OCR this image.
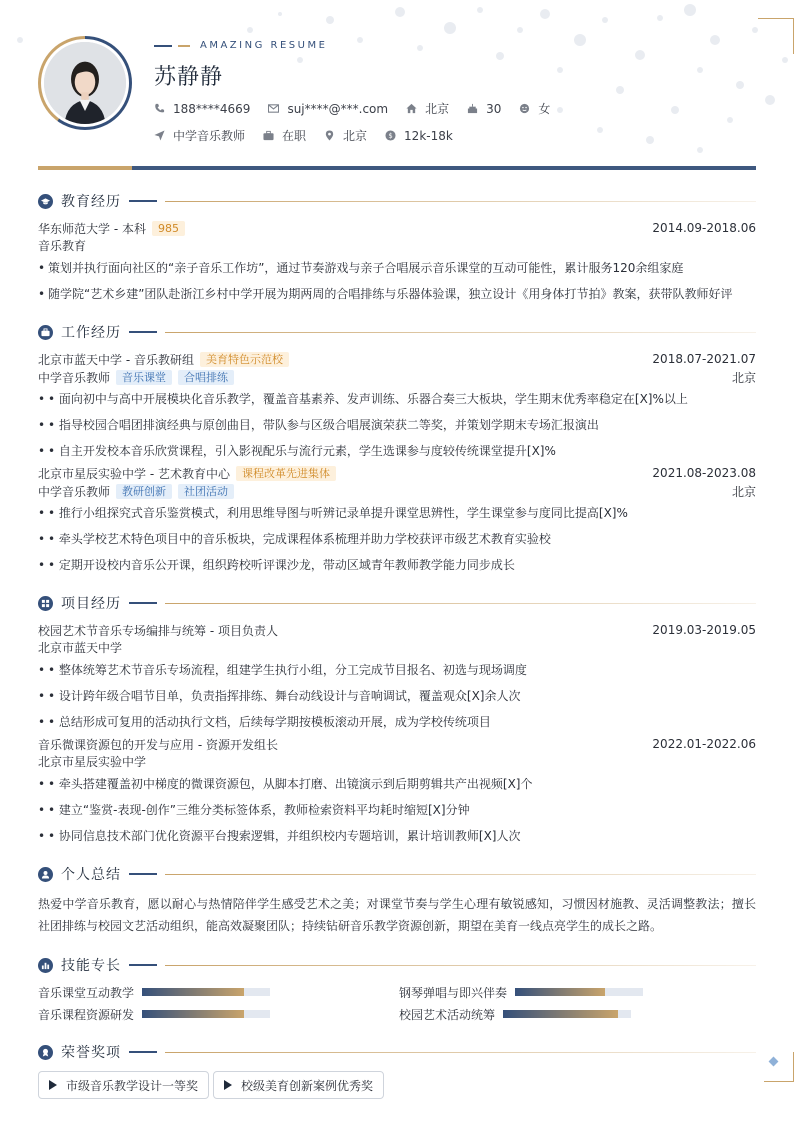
AMAZING RESUME
苏静静
188****4669	suj****@***.com	北京	30	女
中学音乐教师	在职	北京	$ 12k-18k
教育经历
华东师范大学 - 本科	985	2014.09-2018.06
音乐教育
• 策划并执行面向社区的“亲子音乐工作坊”，通过节奏游戏与亲子合唱展示音乐课堂的互动可能性，累计服务120余组家庭
• 随学院“艺术乡建”团队赴浙江乡村中学开展为期两周的合唱排练与乐器体验课，独立设计《用身体打节拍》教案，获带队教师好评
工作经历
北京市蓝天中学 - 音乐教研组	美育特色示范校	2018.07-2021.07
中学音乐教师	音乐课堂	合唱排练	北京
• • 面向初中与高中开展模块化音乐教学，覆盖音基素养、发声训练、乐器合奏三大板块，学生期末优秀率稳定在[X]%以上
• • 指导校园合唱团排演经典与原创曲目，带队参与区级合唱展演荣获二等奖，并策划学期末专场汇报演出
• • 自主开发校本音乐欣赏课程，引入影视配乐与流行元素，学生选课参与度较传统课堂提升[X]%
北京市星辰实验中学 - 艺术教育中心	课程改革先进集体	2021.08-2023.08
中学音乐教师	教研创新	社团活动	北京
• • 推行小组探究式音乐鉴赏模式，利用思维导图与听辨记录单提升课堂思辨性，学生课堂参与度同比提高[X]%
• • 牵头学校艺术特色项目中的音乐板块，完成课程体系梳理并助力学校获评市级艺术教育实验校
• • 定期开设校内音乐公开课，组织跨校听评课沙龙，带动区域青年教师教学能力同步成长
项目经历
校园艺术节音乐专场编排与统筹 - 项目负责人	2019.03-2019.05
北京市蓝天中学
• • 整体统筹艺术节音乐专场流程，组建学生执行小组，分工完成节目报名、初选与现场调度
• • 设计跨年级合唱节目单，负责指挥排练、舞台动线设计与音响调试，覆盖观众[X]余人次
• • 总结形成可复用的活动执行文档，后续每学期按模板滚动开展，成为学校传统项目
音乐微课资源包的开发与应用 - 资源开发组长	2022.01-2022.06
北京市星辰实验中学
• • 牵头搭建覆盖初中梯度的微课资源包，从脚本打磨、出镜演示到后期剪辑共产出视频[X]个
• • 建立“鉴赏-表现-创作”三维分类标签体系，教师检索资料平均耗时缩短[X]分钟
• • 协同信息技术部门优化资源平台搜索逻辑，并组织校内专题培训，累计培训教师[X]人次
个人总结
热爱中学音乐教育，愿以耐心与热情陪伴学生感受艺术之美；对课堂节奏与学生心理有敏锐感知，习惯因材施教、灵活调整教法；擅长社团排练与校园文艺活动组织，能高效凝聚团队；持续钻研音乐教学资源创新，期望在美育一线点亮学生的成长之路。
技能专长
音乐课堂互动教学	钢琴弹唱与即兴伴奏
音乐课程资源研发	校园艺术活动统筹
荣誉奖项
市级音乐教学设计一等奖	校级美育创新案例优秀奖
